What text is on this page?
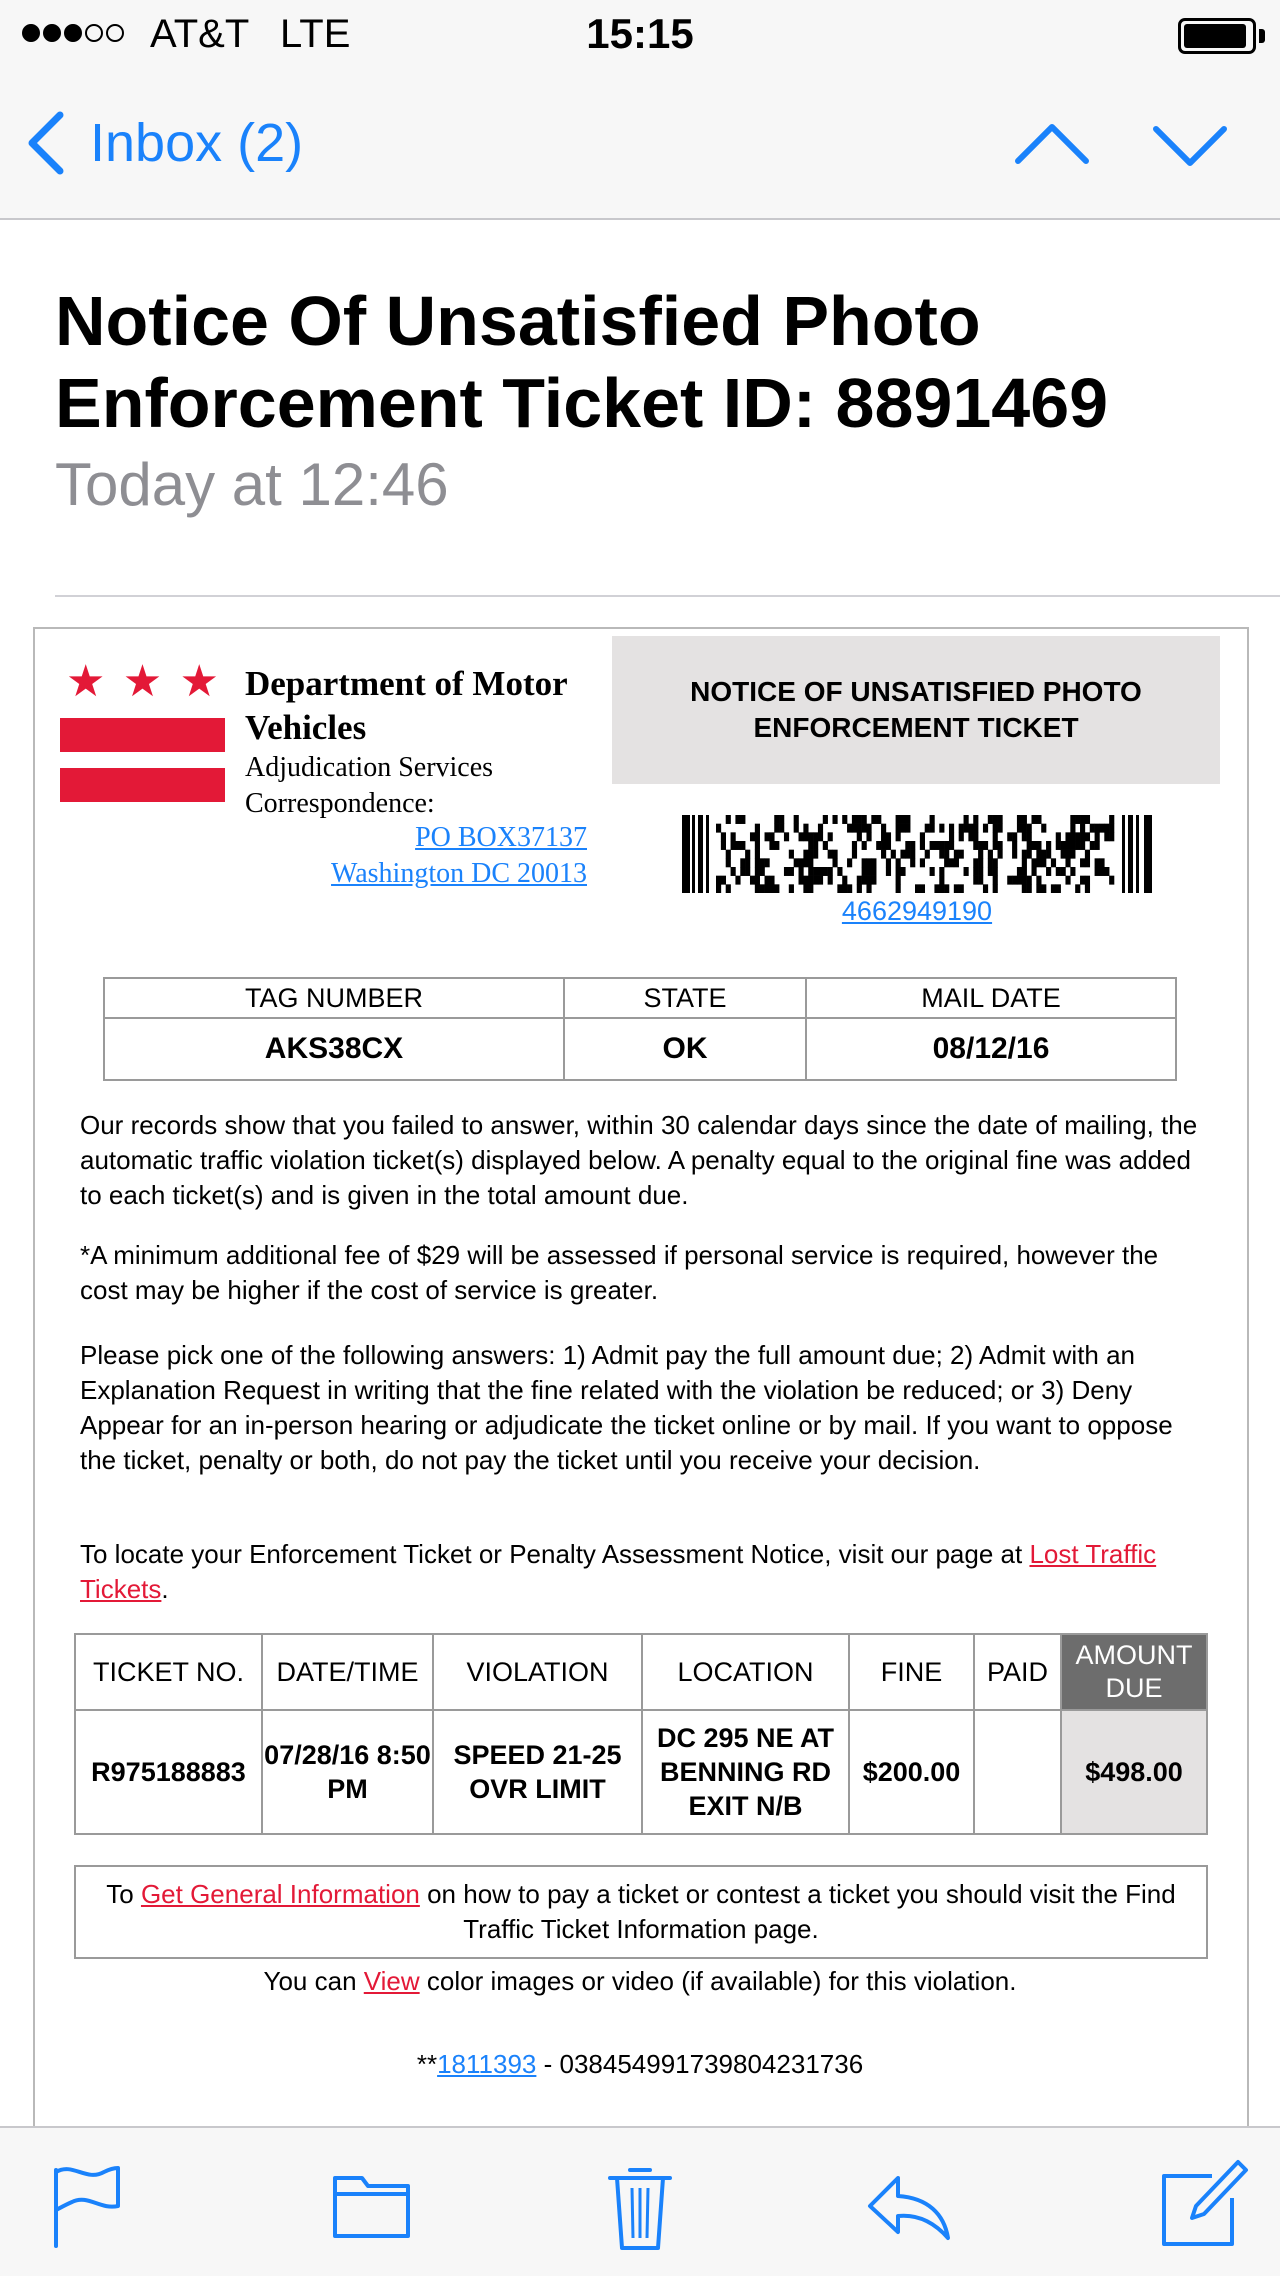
AT&T LTE	15:15
Inbox (2)
Notice Of Unsatisfied Photo Enforcement Ticket ID: 8891469
Today at 12:46
★ ★ ★ Department of Motor Vehicles
Adjudication Services
Correspondence:
PO BOX37137
Washington DC 20013
NOTICE OF UNSATISFIED PHOTO ENFORCEMENT TICKET
4662949190
TAG NUMBER	STATE	MAIL DATE
AKS38CX	OK	08/12/16

Our records show that you failed to answer, within 30 calendar days since the date of mailing, the automatic traffic violation ticket(s) displayed below. A penalty equal to the original fine was added to each ticket(s) and is given in the total amount due.

*A minimum additional fee of $29 will be assessed if personal service is required, however the cost may be higher if the cost of service is greater.

Please pick one of the following answers: 1) Admit pay the full amount due; 2) Admit with an Explanation Request in writing that the fine related with the violation be reduced; or 3) Deny Appear for an in-person hearing or adjudicate the ticket online or by mail. If you want to oppose the ticket, penalty or both, do not pay the ticket until you receive your decision.

To locate your Enforcement Ticket or Penalty Assessment Notice, visit our page at Lost Traffic Tickets.

TICKET NO.	DATE/TIME	VIOLATION	LOCATION	FINE	PAID	AMOUNT DUE
R975188883	07/28/16 8:50 PM	SPEED 21-25 OVR LIMIT	DC 295 NE AT BENNING RD EXIT N/B	$200.00		$498.00
To Get General Information on how to pay a ticket or contest a ticket you should visit the Find Traffic Ticket Information page.
You can View color images or video (if available) for this violation.
**1811393 - 038454991739804231736
